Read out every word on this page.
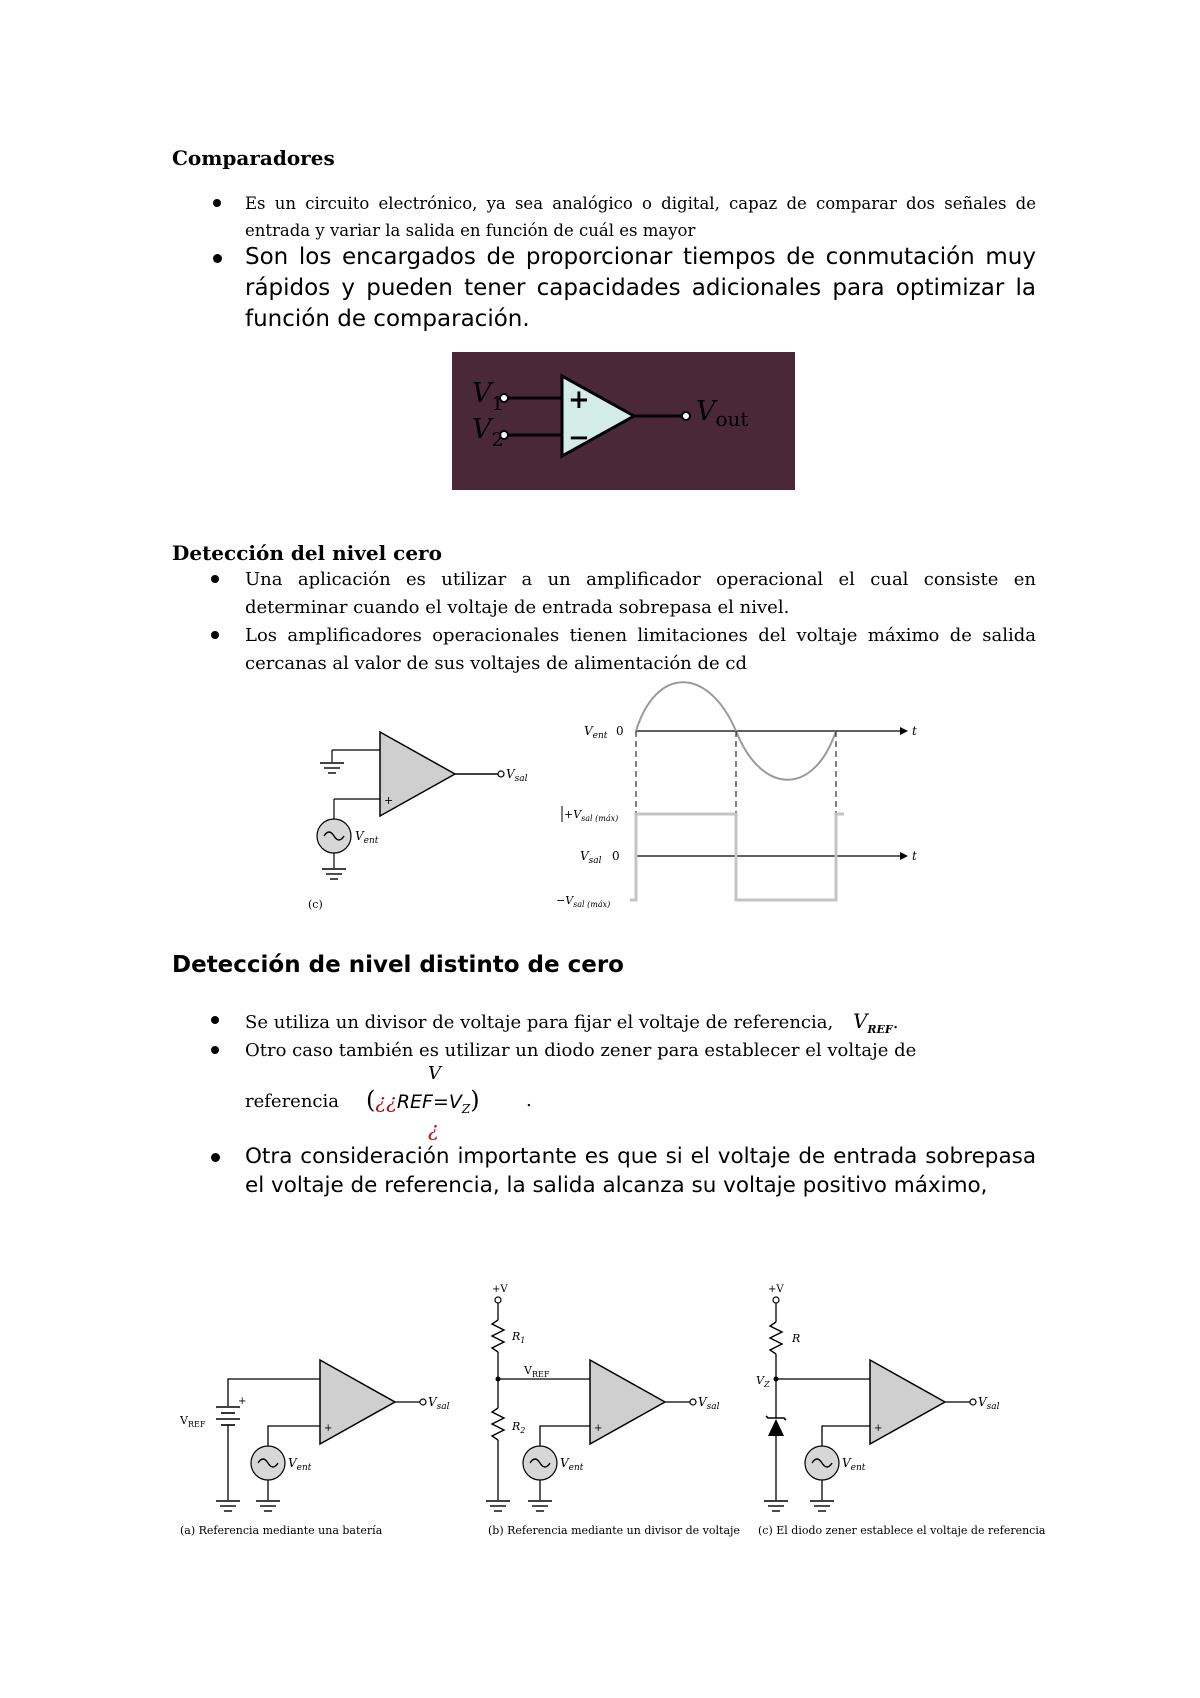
Comparadores
Es un circuito electrónico, ya sea analógico o digital, capaz de comparar dos señales de entrada y variar la salida en función de cuál es mayor
Son los encargados de proporcionar tiempos de conmutación muy rápidos y pueden tener capacidades adicionales para optimizar la función de comparación.
+
−
$V_1$
$V_2$
$V_{out}$
Detección del nivel cero
Una aplicación es utilizar a un amplificador operacional el cual consiste en determinar cuando el voltaje de entrada sobrepasa el nivel.
Los amplificadores operacionales tienen limitaciones del voltaje máximo de salida cercanas al valor de sus voltajes de alimentación de cd
$V_{sal}$
+
$V_{ent}$
(c)
t
$V_{ent}$ 0
t
$V_{sal}$ 0
$+V_{sal (máx)}$
$-V_{sal (máx)}$
Detección de nivel distinto de cero
Se utiliza un divisor de voltaje para fijar el voltaje de referencia, $V_{REF}$.
Otro caso también es utilizar un diodo zener para establecer el voltaje de
V
referencia $(¿¿REF=V_Z)$	.
¿
Otra consideración importante es que si el voltaje de entrada sobrepasa el voltaje de referencia, la salida alcanza su voltaje positivo máximo,
$V_{sal}$
+
$V_{REF}$	+
$V_{ent}$
(a) Referencia mediante una batería
+V
$R_1$
$V_{REF}$
$R_2$
$V_{sal}$
+
$V_{ent}$
(b) Referencia mediante un divisor de voltaje
+V
R
$V_Z$
$V_{sal}$
+
$V_{ent}$
(c) El diodo zener establece el voltaje de referencia
